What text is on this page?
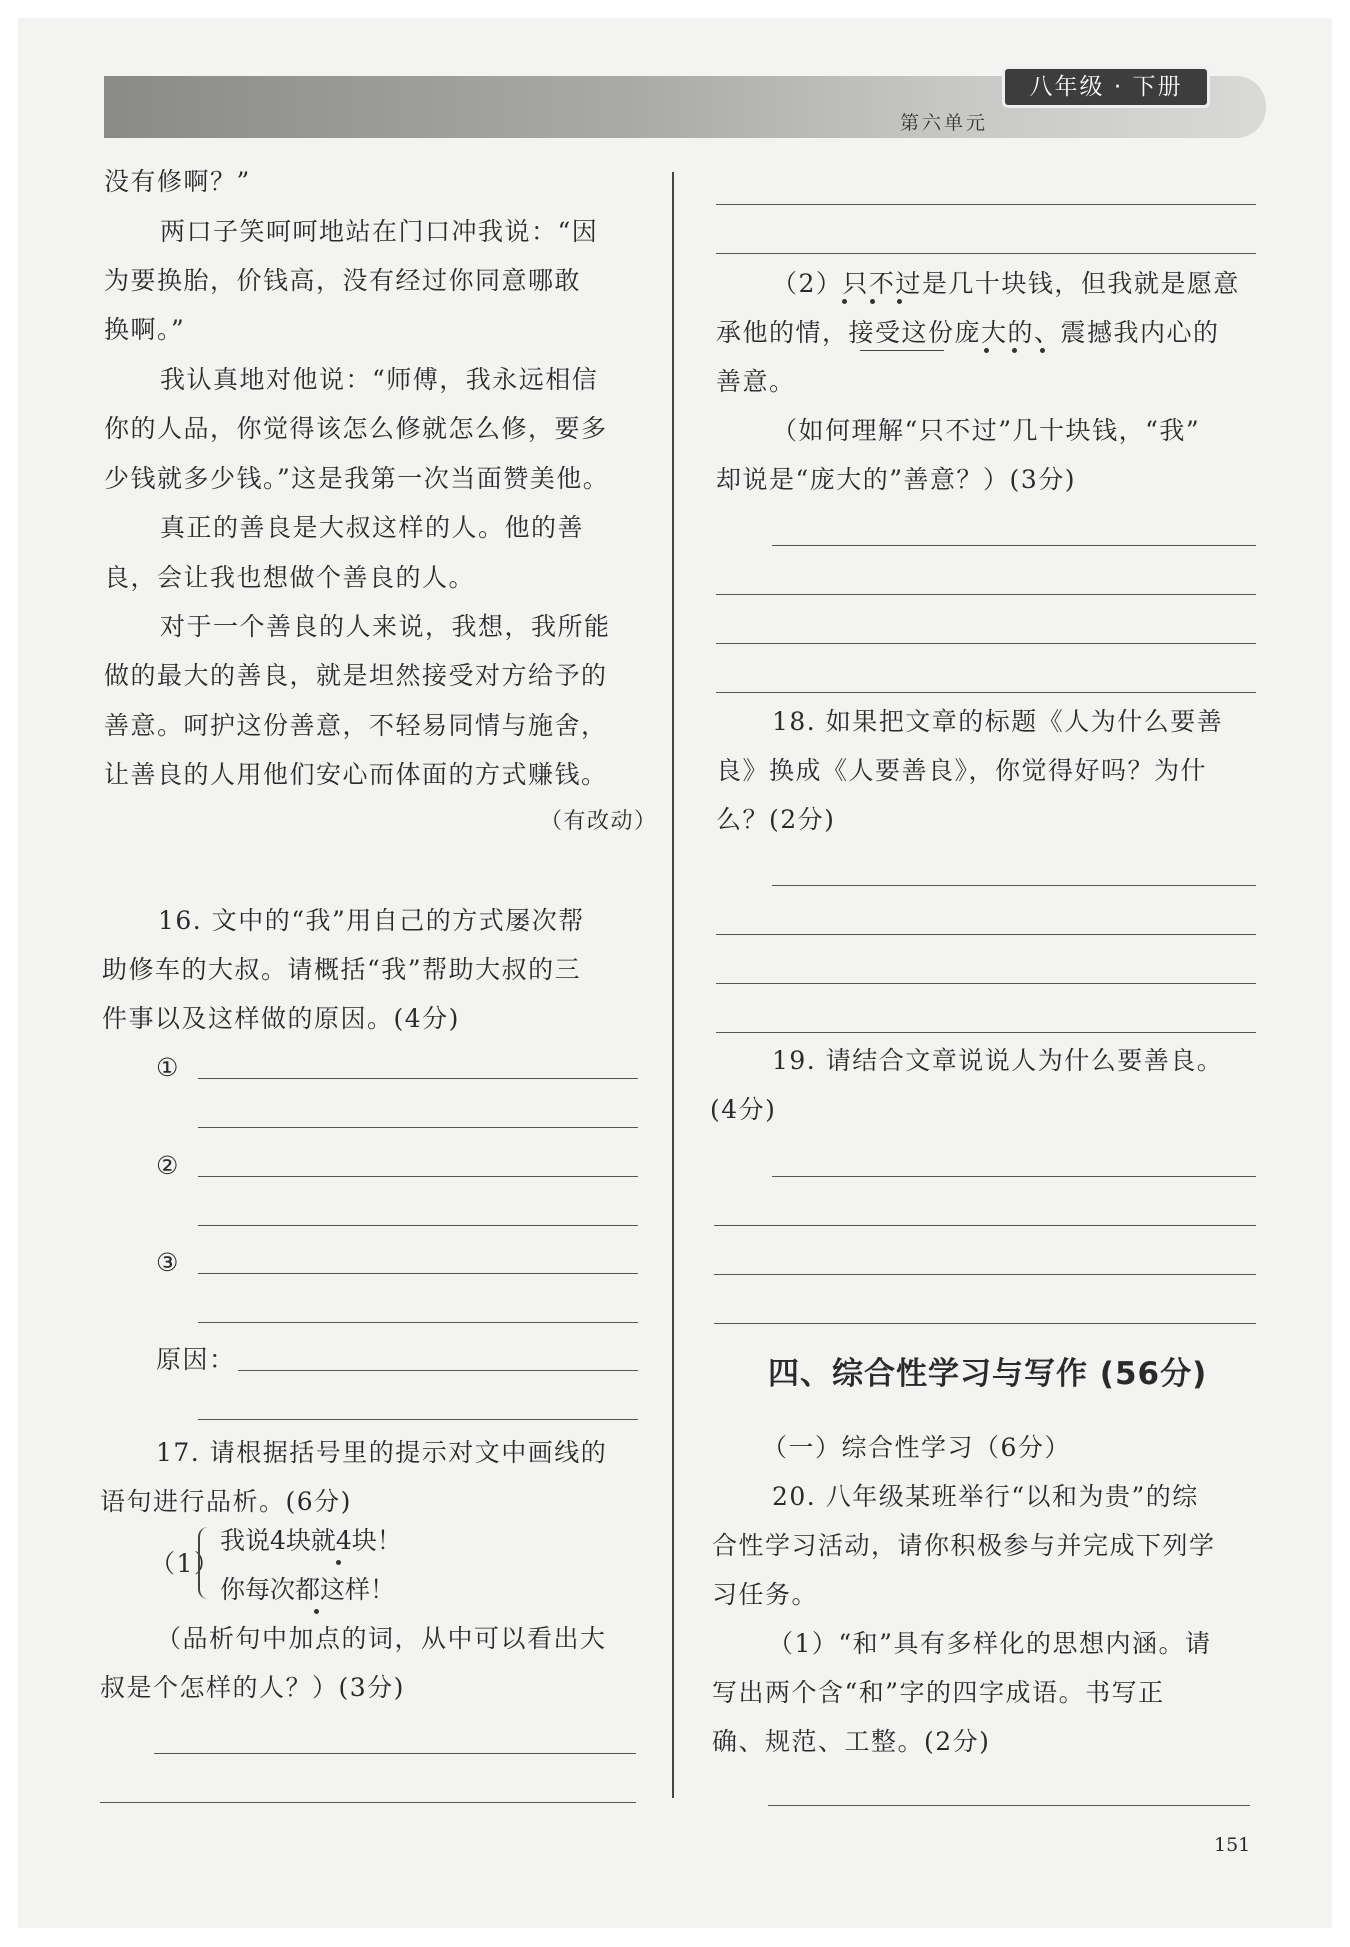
八年级 · 下册
第六单元
没有修啊？”
两口子笑呵呵地站在门口冲我说：“因
为要换胎，价钱高，没有经过你同意哪敢
换啊。”
我认真地对他说：“师傅，我永远相信
你的人品，你觉得该怎么修就怎么修，要多
少钱就多少钱。”这是我第一次当面赞美他。
真正的善良是大叔这样的人。他的善
良，会让我也想做个善良的人。
对于一个善良的人来说，我想，我所能
做的最大的善良，就是坦然接受对方给予的
善意。呵护这份善意，不轻易同情与施舍，
让善良的人用他们安心而体面的方式赚钱。
（有改动）
16. 文中的“我”用自己的方式屡次帮
助修车的大叔。请概括“我”帮助大叔的三
件事以及这样做的原因。(4分)
①
②
③
原因：
17. 请根据括号里的提示对文中画线的
语句进行品析。(6分)
（1）
我说4块就4块！
你每次都这样！
（品析句中加点的词，从中可以看出大
叔是个怎样的人？）(3分)
（2）只不过是几十块钱，但我就是愿意
承他的情，接受这份庞大的、震撼我内心的
善意。
（如何理解“只不过”几十块钱，“我”
却说是“庞大的”善意？）(3分)
18. 如果把文章的标题《人为什么要善
良》换成《人要善良》，你觉得好吗？为什
么？(2分)
19. 请结合文章说说人为什么要善良。
(4分)
四、综合性学习与写作 (56分)
（一）综合性学习（6分）
20. 八年级某班举行“以和为贵”的综
合性学习活动，请你积极参与并完成下列学
习任务。
（1）“和”具有多样化的思想内涵。请
写出两个含“和”字的四字成语。书写正
确、规范、工整。(2分)
151
